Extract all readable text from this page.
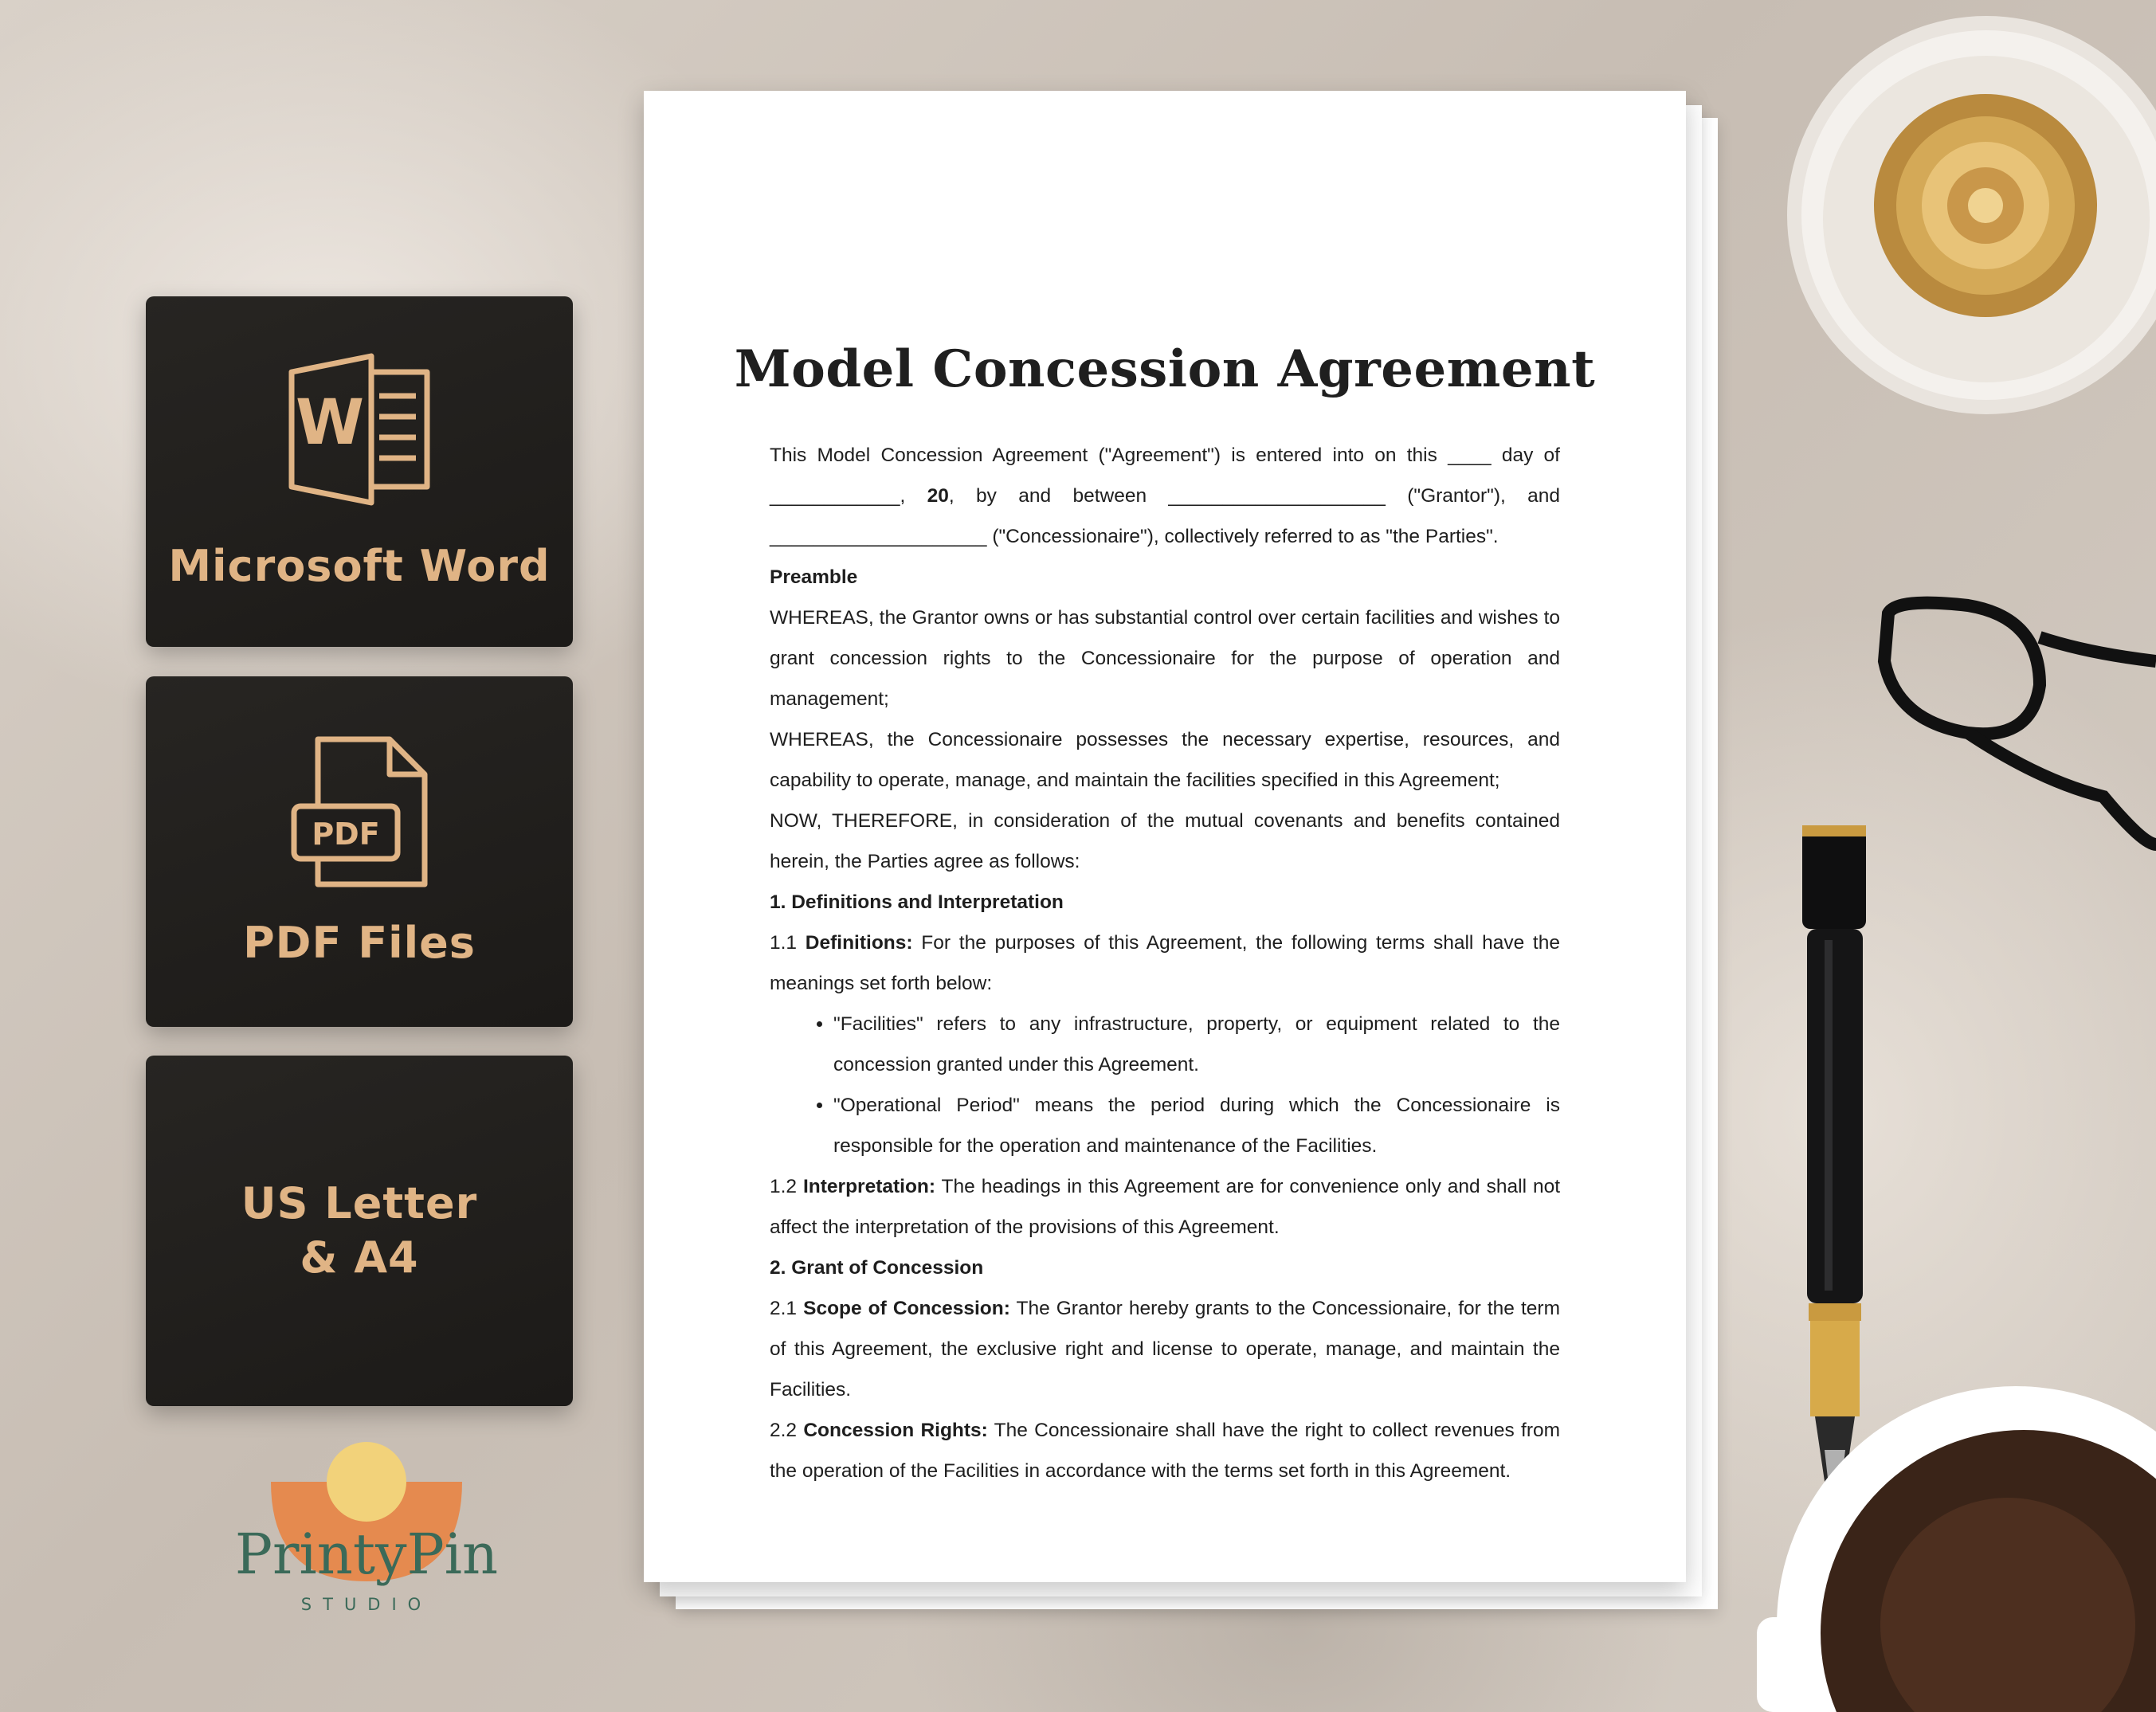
W
Microsoft Word
PDF
PDF Files
US Letter
& A4
Model Concession Agreement

This Model Concession Agreement ("Agreement") is entered into on this ____ day of ____________, 20, by and between ____________________ ("Grantor"), and ____________________ ("Concessionaire"), collectively referred to as "the Parties".

Preamble

WHEREAS, the Grantor owns or has substantial control over certain facilities and wishes to grant concession rights to the Concessionaire for the purpose of operation and management;

WHEREAS, the Concessionaire possesses the necessary expertise, resources, and capability to operate, manage, and maintain the facilities specified in this Agreement;

NOW, THEREFORE, in consideration of the mutual covenants and benefits contained herein, the Parties agree as follows:

1. Definitions and Interpretation

1.1 Definitions: For the purposes of this Agreement, the following terms shall have the meanings set forth below:

• "Facilities" refers to any infrastructure, property, or equipment related to the concession granted under this Agreement.
• "Operational Period" means the period during which the Concessionaire is responsible for the operation and maintenance of the Facilities.

1.2 Interpretation: The headings in this Agreement are for convenience only and shall not affect the interpretation of the provisions of this Agreement.

2. Grant of Concession

2.1 Scope of Concession: The Grantor hereby grants to the Concessionaire, for the term of this Agreement, the exclusive right and license to operate, manage, and maintain the Facilities.

2.2 Concession Rights: The Concessionaire shall have the right to collect revenues from the operation of the Facilities in accordance with the terms set forth in this Agreement.

PrintyPin
STUDIO
